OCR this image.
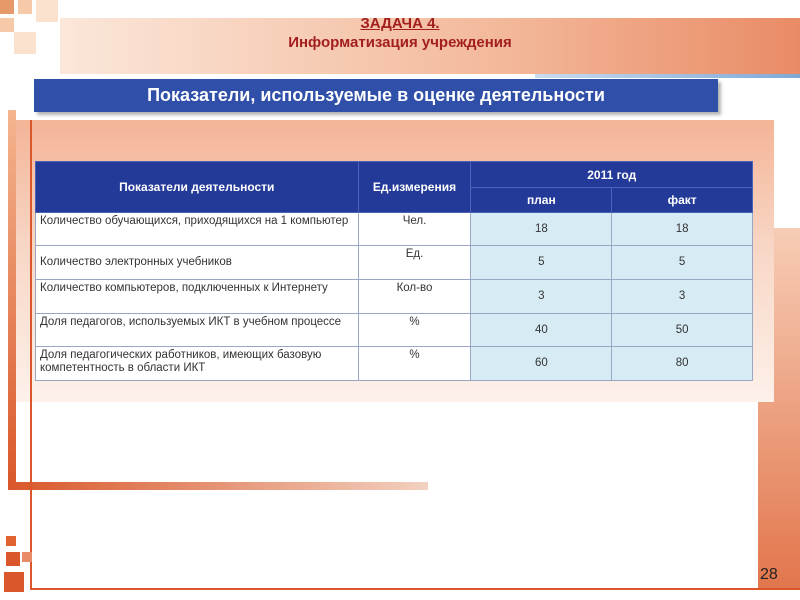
ЗАДАЧА 4.
Информатизация учреждения
Показатели, используемые в оценке деятельности
Показатели деятельности	Ед.измерения	2011 год	
		план	факт
Количество обучающихся, приходящихся на 1 компьютер	Чел.	18	18
Количество электронных учебников	Ед.	5	5
Количество компьютеров, подключенных к Интернету	Кол-во	3	3
Доля педагогов, используемых ИКТ в учебном процессе	%	40	50
Доля педагогических работников, имеющих базовую компетентность в области ИКТ	%	60	80
28
